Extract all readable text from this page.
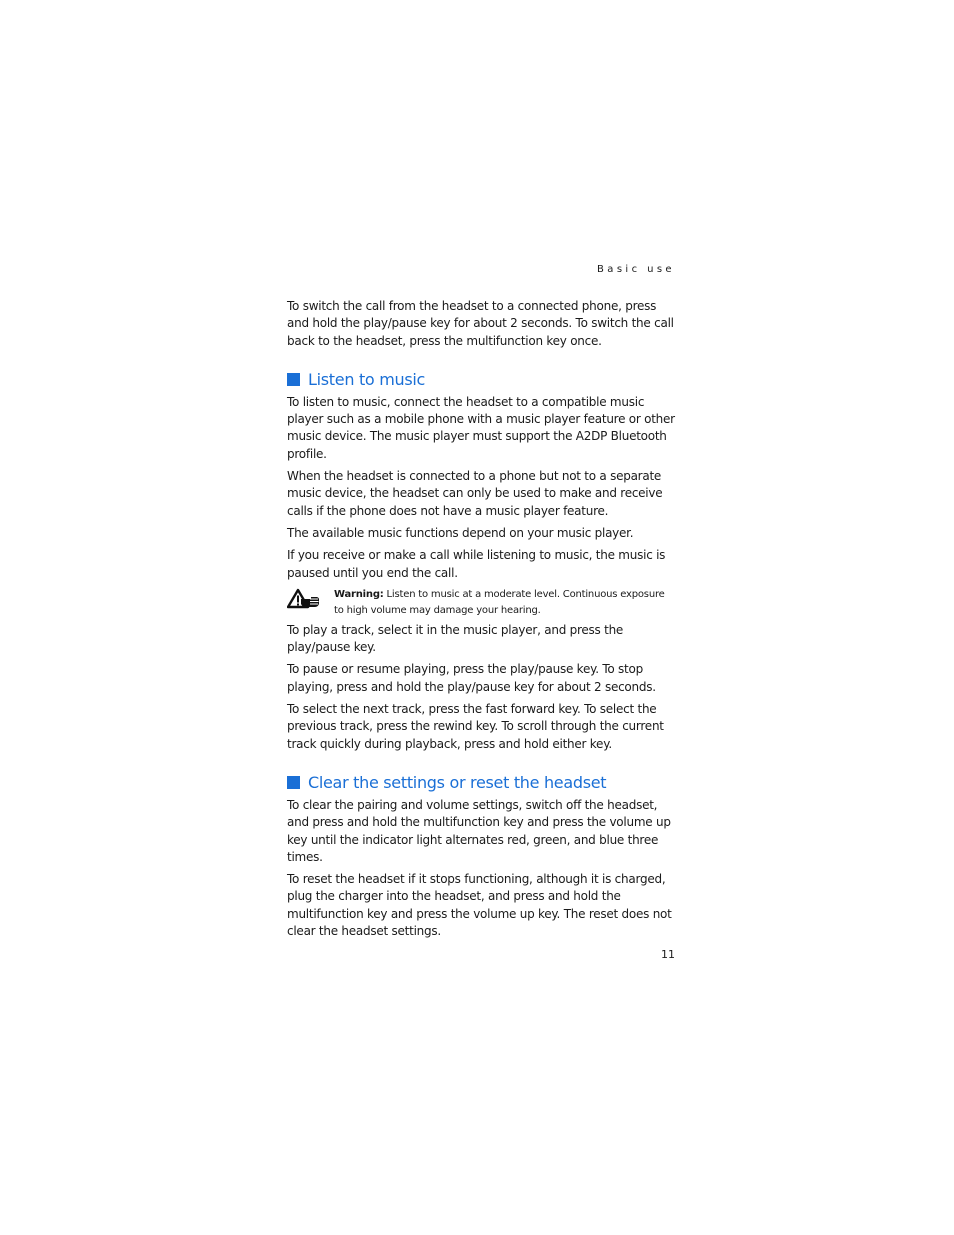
Basic use

To switch the call from the headset to a connected phone, press and hold the play/pause key for about 2 seconds. To switch the call back to the headset, press the multifunction key once.

Listen to music

To listen to music, connect the headset to a compatible music player such as a mobile phone with a music player feature or other music device. The music player must support the A2DP Bluetooth profile.

When the headset is connected to a phone but not to a separate music device, the headset can only be used to make and receive calls if the phone does not have a music player feature.

The available music functions depend on your music player.

If you receive or make a call while listening to music, the music is paused until you end the call.

Warning: Listen to music at a moderate level. Continuous exposure to high volume may damage your hearing.

To play a track, select it in the music player, and press the play/pause key.

To pause or resume playing, press the play/pause key. To stop playing, press and hold the play/pause key for about 2 seconds.

To select the next track, press the fast forward key. To select the previous track, press the rewind key. To scroll through the current track quickly during playback, press and hold either key.

Clear the settings or reset the headset

To clear the pairing and volume settings, switch off the headset, and press and hold the multifunction key and press the volume up key until the indicator light alternates red, green, and blue three times.

To reset the headset if it stops functioning, although it is charged, plug the charger into the headset, and press and hold the multifunction key and press the volume up key. The reset does not clear the headset settings.

11
